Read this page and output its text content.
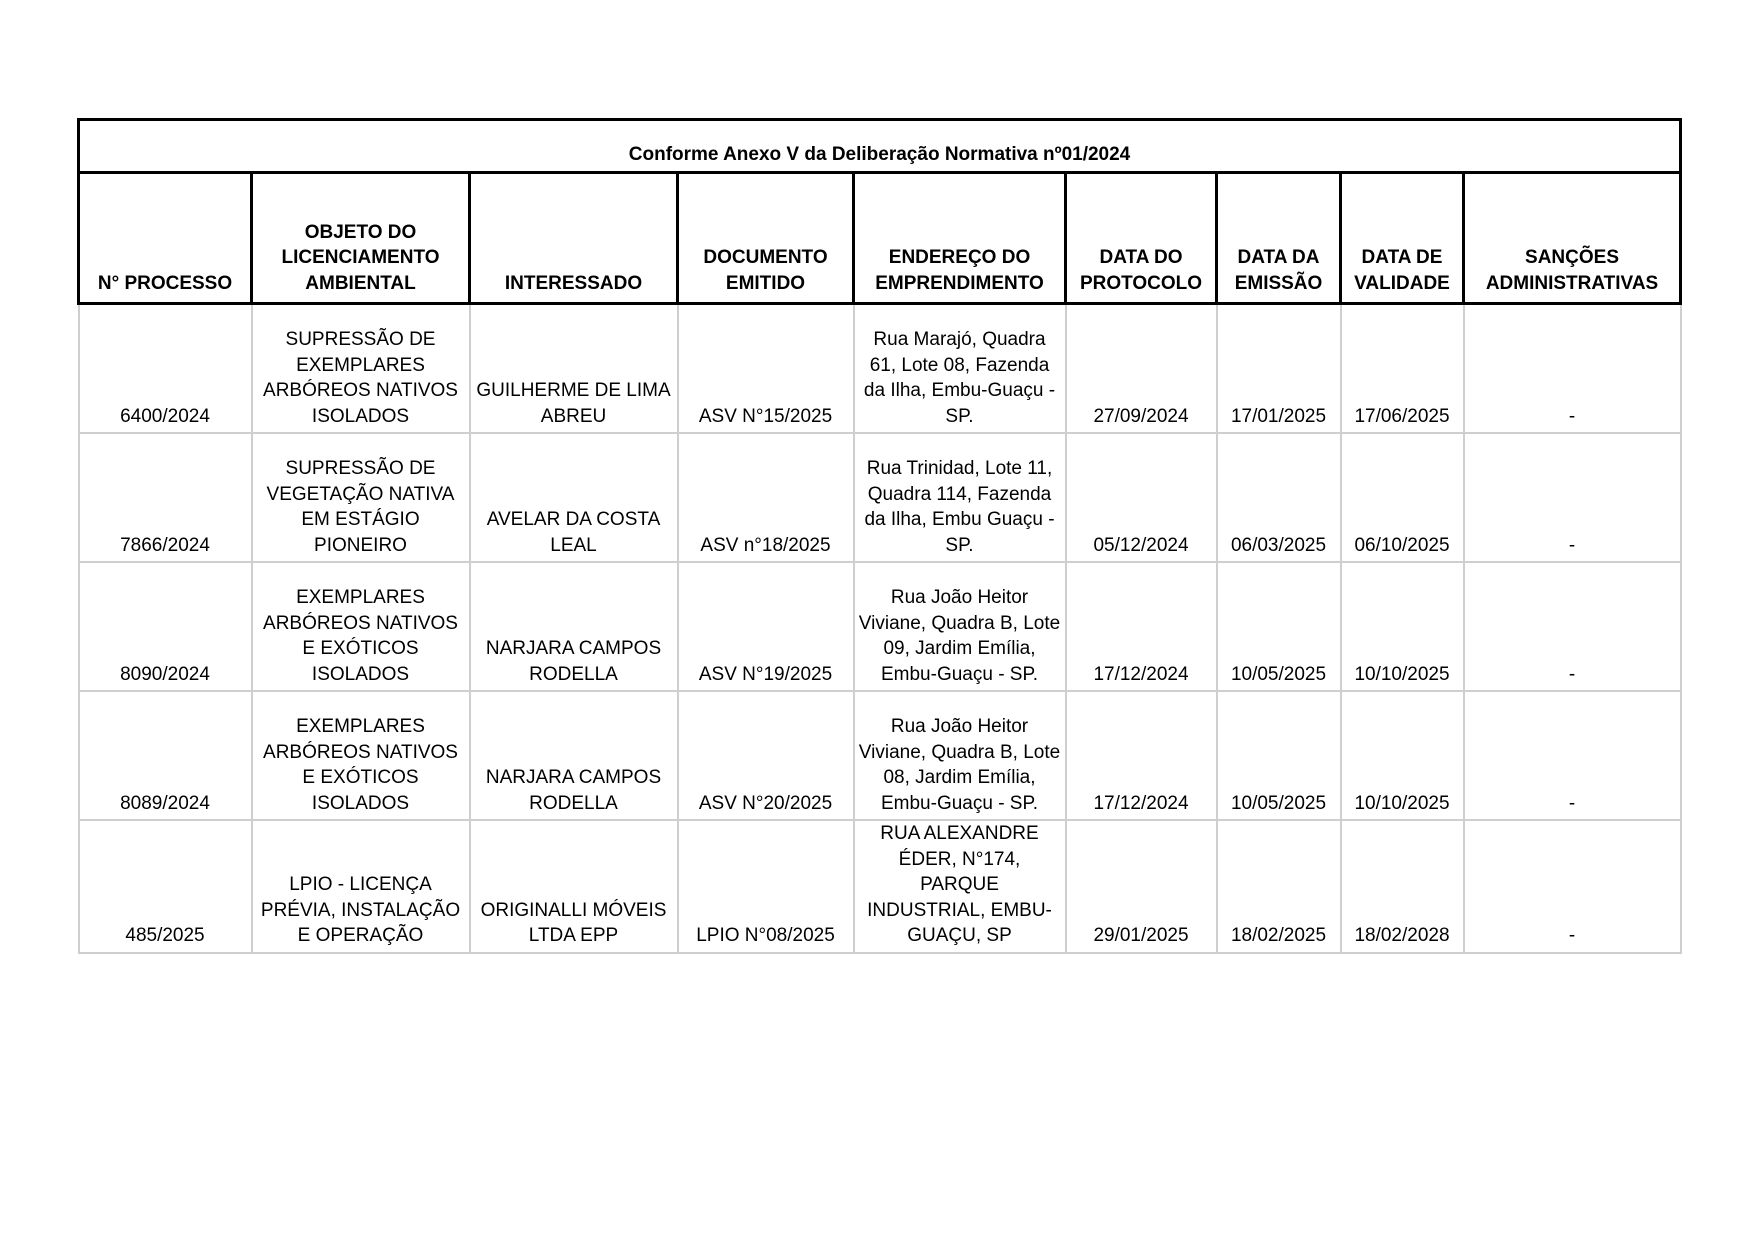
Conforme Anexo V da Deliberação Normativa nº01/2024								
N° PROCESSO	OBJETO DO LICENCIAMENTO AMBIENTAL	INTERESSADO	DOCUMENTO EMITIDO	ENDEREÇO DO EMPRENDIMENTO	DATA DO PROTOCOLO	DATA DA EMISSÃO	DATA DE VALIDADE	SANÇÕES ADMINISTRATIVAS
6400/2024	SUPRESSÃO DE EXEMPLARES ARBÓREOS NATIVOS ISOLADOS	GUILHERME DE LIMA ABREU	ASV N°15/2025	Rua Marajó, Quadra 61, Lote 08, Fazenda da Ilha, Embu-Guaçu - SP.	27/09/2024	17/01/2025	17/06/2025	-
7866/2024	SUPRESSÃO DE VEGETAÇÃO NATIVA EM ESTÁGIO PIONEIRO	AVELAR DA COSTA LEAL	ASV n°18/2025	Rua Trinidad, Lote 11, Quadra 114, Fazenda da Ilha, Embu Guaçu - SP.	05/12/2024	06/03/2025	06/10/2025	-
8090/2024	EXEMPLARES ARBÓREOS NATIVOS E EXÓTICOS ISOLADOS	NARJARA CAMPOS RODELLA	ASV N°19/2025	Rua João Heitor Viviane, Quadra B, Lote 09, Jardim Emília, Embu-Guaçu - SP.	17/12/2024	10/05/2025	10/10/2025	-
8089/2024	EXEMPLARES ARBÓREOS NATIVOS E EXÓTICOS ISOLADOS	NARJARA CAMPOS RODELLA	ASV N°20/2025	Rua João Heitor Viviane, Quadra B, Lote 08, Jardim Emília, Embu-Guaçu - SP.	17/12/2024	10/05/2025	10/10/2025	-
485/2025	LPIO - LICENÇA PRÉVIA, INSTALAÇÃO E OPERAÇÃO	ORIGINALLI MÓVEIS LTDA EPP	LPIO N°08/2025	RUA ALEXANDRE ÉDER, N°174, PARQUE INDUSTRIAL, EMBU-GUAÇU, SP	29/01/2025	18/02/2025	18/02/2028	-
